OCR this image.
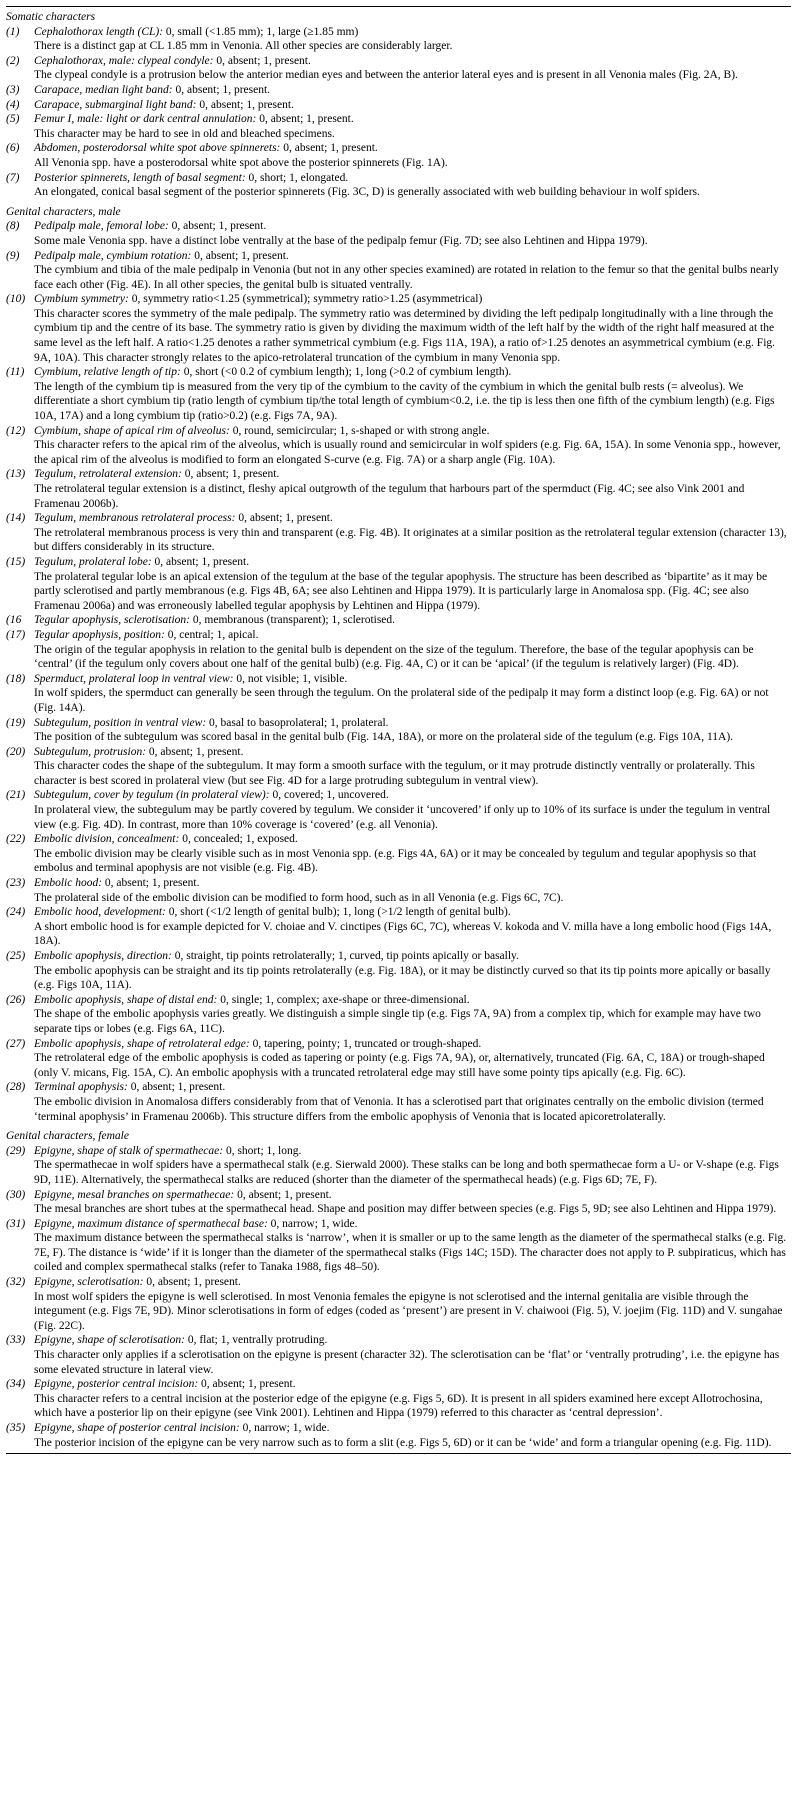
Somatic characters
(1)	Cephalothorax length (CL): 0, small (<1.85 mm); 1, large (≥1.85 mm)
There is a distinct gap at CL 1.85 mm in Venonia. All other species are considerably larger.
(2)	Cephalothorax, male: clypeal condyle: 0, absent; 1, present.
The clypeal condyle is a protrusion below the anterior median eyes and between the anterior lateral eyes and is present in all Venonia males (Fig. 2A, B).
(3)	Carapace, median light band: 0, absent; 1, present.
(4)	Carapace, submarginal light band: 0, absent; 1, present.
(5)	Femur I, male: light or dark central annulation: 0, absent; 1, present.
This character may be hard to see in old and bleached specimens.
(6)	Abdomen, posterodorsal white spot above spinnerets: 0, absent; 1, present.
All Venonia spp. have a posterodorsal white spot above the posterior spinnerets (Fig. 1A).
(7)	Posterior spinnerets, length of basal segment: 0, short; 1, elongated.
An elongated, conical basal segment of the posterior spinnerets (Fig. 3C, D) is generally associated with web building behaviour in wolf spiders.
Genital characters, male
(8)	Pedipalp male, femoral lobe: 0, absent; 1, present.
Some male Venonia spp. have a distinct lobe ventrally at the base of the pedipalp femur (Fig. 7D; see also Lehtinen and Hippa 1979).
(9)	Pedipalp male, cymbium rotation: 0, absent; 1, present.
The cymbium and tibia of the male pedipalp in Venonia (but not in any other species examined) are rotated in relation to the femur so that the genital bulbs nearly face each other (Fig. 4E). In all other species, the genital bulb is situated ventrally.
(10) Cymbium symmetry: 0, symmetry ratio<1.25 (symmetrical); symmetry ratio>1.25 (asymmetrical)
This character scores the symmetry of the male pedipalp. The symmetry ratio was determined by dividing the left pedipalp longitudinally with a line through the cymbium tip and the centre of its base. The symmetry ratio is given by dividing the maximum width of the left half by the width of the right half measured at the same level as the left half. A ratio<1.25 denotes a rather symmetrical cymbium (e.g. Figs 11A, 19A), a ratio of>1.25 denotes an asymmetrical cymbium (e.g. Fig. 9A, 10A). This character strongly relates to the apico-retrolateral truncation of the cymbium in many Venonia spp.
(11) Cymbium, relative length of tip: 0, short (<0 0.2 of cymbium length); 1, long (>0.2 of cymbium length).
The length of the cymbium tip is measured from the very tip of the cymbium to the cavity of the cymbium in which the genital bulb rests (= alveolus). We differentiate a short cymbium tip (ratio length of cymbium tip/the total length of cymbium<0.2, i.e. the tip is less then one fifth of the cymbium length) (e.g. Figs 10A, 17A) and a long cymbium tip (ratio>0.2) (e.g. Figs 7A, 9A).
(12) Cymbium, shape of apical rim of alveolus: 0, round, semicircular; 1, s-shaped or with strong angle.
This character refers to the apical rim of the alveolus, which is usually round and semicircular in wolf spiders (e.g. Fig. 6A, 15A). In some Venonia spp., however, the apical rim of the alveolus is modified to form an elongated S-curve (e.g. Fig. 7A) or a sharp angle (Fig. 10A).
(13) Tegulum, retrolateral extension: 0, absent; 1, present.
The retrolateral tegular extension is a distinct, fleshy apical outgrowth of the tegulum that harbours part of the spermduct (Fig. 4C; see also Vink 2001 and Framenau 2006b).
(14) Tegulum, membranous retrolateral process: 0, absent; 1, present.
The retrolateral membranous process is very thin and transparent (e.g. Fig. 4B). It originates at a similar position as the retrolateral tegular extension (character 13), but differs considerably in its structure.
(15) Tegulum, prolateral lobe: 0, absent; 1, present.
The prolateral tegular lobe is an apical extension of the tegulum at the base of the tegular apophysis. The structure has been described as ‘bipartite’ as it may be partly sclerotised and partly membranous (e.g. Figs 4B, 6A; see also Lehtinen and Hippa 1979). It is particularly large in Anomalosa spp. (Fig. 4C; see also Framenau 2006a) and was erroneously labelled tegular apophysis by Lehtinen and Hippa (1979).
(16	Tegular apophysis, sclerotisation: 0, membranous (transparent); 1, sclerotised.
(17) Tegular apophysis, position: 0, central; 1, apical.
The origin of the tegular apophysis in relation to the genital bulb is dependent on the size of the tegulum. Therefore, the base of the tegular apophysis can be ‘central’ (if the tegulum only covers about one half of the genital bulb) (e.g. Fig. 4A, C) or it can be ‘apical’ (if the tegulum is relatively larger) (Fig. 4D).
(18) Spermduct, prolateral loop in ventral view: 0, not visible; 1, visible.
In wolf spiders, the spermduct can generally be seen through the tegulum. On the prolateral side of the pedipalp it may form a distinct loop (e.g. Fig. 6A) or not (Fig. 14A).
(19) Subtegulum, position in ventral view: 0, basal to basoprolateral; 1, prolateral.
The position of the subtegulum was scored basal in the genital bulb (Fig. 14A, 18A), or more on the prolateral side of the tegulum (e.g. Figs 10A, 11A).
(20) Subtegulum, protrusion: 0, absent; 1, present.
This character codes the shape of the subtegulum. It may form a smooth surface with the tegulum, or it may protrude distinctly ventrally or prolaterally. This character is best scored in prolateral view (but see Fig. 4D for a large protruding subtegulum in ventral view).
(21) Subtegulum, cover by tegulum (in prolateral view): 0, covered; 1, uncovered.
In prolateral view, the subtegulum may be partly covered by tegulum. We consider it ‘uncovered’ if only up to 10% of its surface is under the tegulum in ventral view (e.g. Fig. 4D). In contrast, more than 10% coverage is ‘covered’ (e.g. all Venonia).
(22) Embolic division, concealment: 0, concealed; 1, exposed.
The embolic division may be clearly visible such as in most Venonia spp. (e.g. Figs 4A, 6A) or it may be concealed by tegulum and tegular apophysis so that embolus and terminal apophysis are not visible (e.g. Fig. 4B).
(23) Embolic hood: 0, absent; 1, present.
The prolateral side of the embolic division can be modified to form hood, such as in all Venonia (e.g. Figs 6C, 7C).
(24) Embolic hood, development: 0, short (<1/2 length of genital bulb); 1, long (>1/2 length of genital bulb).
A short embolic hood is for example depicted for V. choiae and V. cinctipes (Figs 6C, 7C), whereas V. kokoda and V. milla have a long embolic hood (Figs 14A, 18A).
(25) Embolic apophysis, direction: 0, straight, tip points retrolaterally; 1, curved, tip points apically or basally.
The embolic apophysis can be straight and its tip points retrolaterally (e.g. Fig. 18A), or it may be distinctly curved so that its tip points more apically or basally (e.g. Figs 10A, 11A).
(26) Embolic apophysis, shape of distal end: 0, single; 1, complex; axe-shape or three-dimensional.
The shape of the embolic apophysis varies greatly. We distinguish a simple single tip (e.g. Figs 7A, 9A) from a complex tip, which for example may have two separate tips or lobes (e.g. Figs 6A, 11C).
(27) Embolic apophysis, shape of retrolateral edge: 0, tapering, pointy; 1, truncated or trough-shaped.
The retrolateral edge of the embolic apophysis is coded as tapering or pointy (e.g. Figs 7A, 9A), or, alternatively, truncated (Fig. 6A, C, 18A) or trough-shaped (only V. micans, Fig. 15A, C). An embolic apophysis with a truncated retrolateral edge may still have some pointy tips apically (e.g. Fig. 6C).
(28) Terminal apophysis: 0, absent; 1, present.
The embolic division in Anomalosa differs considerably from that of Venonia. It has a sclerotised part that originates centrally on the embolic division (termed ‘terminal apophysis’ in Framenau 2006b). This structure differs from the embolic apophysis of Venonia that is located apicoretrolaterally.
Genital characters, female
(29) Epigyne, shape of stalk of spermathecae: 0, short; 1, long.
The spermathecae in wolf spiders have a spermathecal stalk (e.g. Sierwald 2000). These stalks can be long and both spermathecae form a U- or V-shape (e.g. Figs 9D, 11E). Alternatively, the spermathecal stalks are reduced (shorter than the diameter of the spermathecal heads) (e.g. Figs 6D; 7E, F).
(30) Epigyne, mesal branches on spermathecae: 0, absent; 1, present.
The mesal branches are short tubes at the spermathecal head. Shape and position may differ between species (e.g. Figs 5, 9D; see also Lehtinen and Hippa 1979).
(31) Epigyne, maximum distance of spermathecal base: 0, narrow; 1, wide.
The maximum distance between the spermathecal stalks is ‘narrow’, when it is smaller or up to the same length as the diameter of the spermathecal stalks (e.g. Fig. 7E, F). The distance is ‘wide’ if it is longer than the diameter of the spermathecal stalks (Figs 14C; 15D). The character does not apply to P. subpiraticus, which has coiled and complex spermathecal stalks (refer to Tanaka 1988, figs 48–50).
(32) Epigyne, sclerotisation: 0, absent; 1, present.
In most wolf spiders the epigyne is well sclerotised. In most Venonia females the epigyne is not sclerotised and the internal genitalia are visible through the integument (e.g. Figs 7E, 9D). Minor sclerotisations in form of edges (coded as ‘present’) are present in V. chaiwooi (Fig. 5), V. joejim (Fig. 11D) and V. sungahae (Fig. 22C).
(33) Epigyne, shape of sclerotisation: 0, flat; 1, ventrally protruding.
This character only applies if a sclerotisation on the epigyne is present (character 32). The sclerotisation can be ‘flat’ or ‘ventrally protruding’, i.e. the epigyne has some elevated structure in lateral view.
(34) Epigyne, posterior central incision: 0, absent; 1, present.
This character refers to a central incision at the posterior edge of the epigyne (e.g. Figs 5, 6D). It is present in all spiders examined here except Allotrochosina, which have a posterior lip on their epigyne (see Vink 2001). Lehtinen and Hippa (1979) referred to this character as ‘central depression’.
(35) Epigyne, shape of posterior central incision: 0, narrow; 1, wide.
The posterior incision of the epigyne can be very narrow such as to form a slit (e.g. Figs 5, 6D) or it can be ‘wide’ and form a triangular opening (e.g. Fig. 11D).
